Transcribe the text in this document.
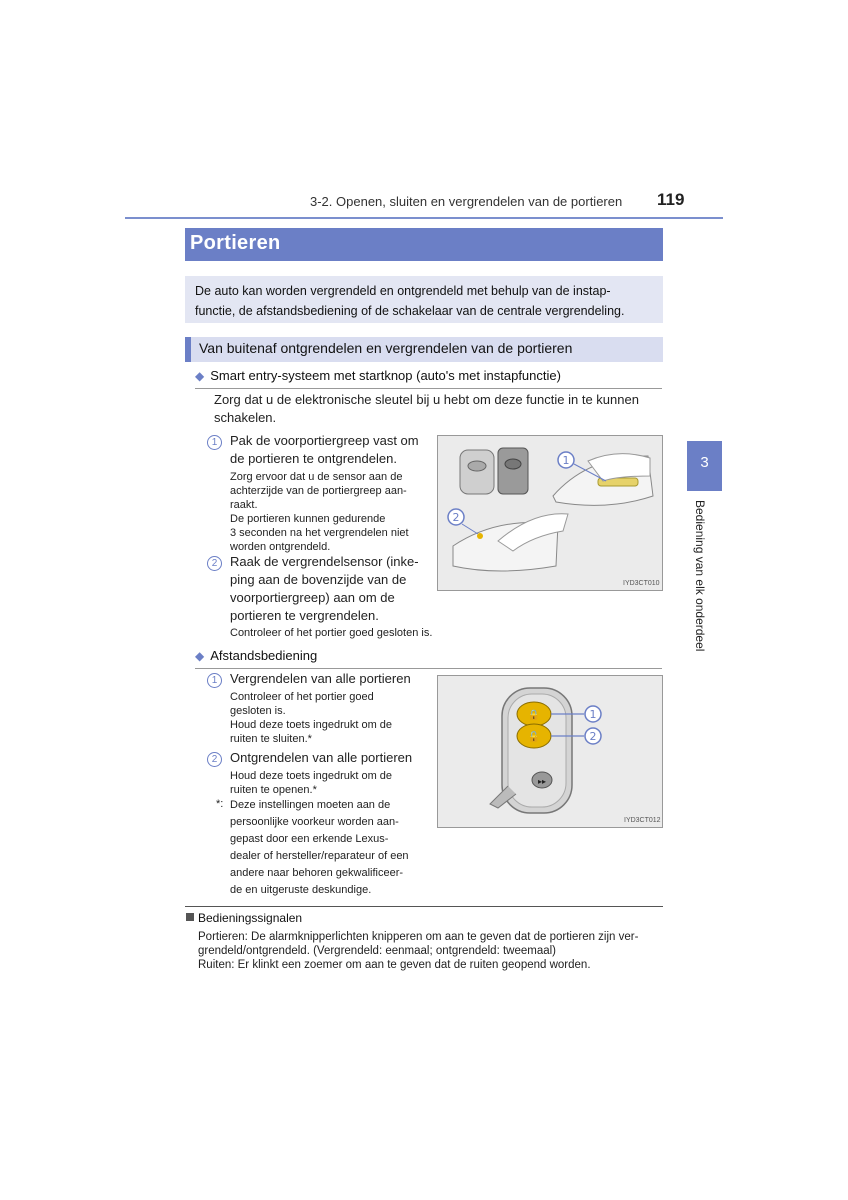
3-2. Openen, sluiten en vergrendelen van de portieren 119
3
Bediening van elk onderdeel
Portieren
De auto kan worden vergrendeld en ontgrendeld met behulp van de instap-
functie, de afstandsbediening of de schakelaar van de centrale vergrendeling.
Van buitenaf ontgrendelen en vergrendelen van de portieren
◆ Smart entry-systeem met startknop (auto's met instapfunctie)
Zorg dat u de elektronische sleutel bij u hebt om deze functie in te kunnen
schakelen.
1 Pak de voorportiergreep vast om
de portieren te ontgrendelen.
Zorg ervoor dat u de sensor aan de
achterzijde van de portiergreep aan-
raakt.
De portieren kunnen gedurende
3 seconden na het vergrendelen niet
worden ontgrendeld.
2 Raak de vergrendelsensor (inke-
ping aan de bovenzijde van de
voorportiergreep) aan om de
portieren te vergrendelen.
Controleer of het portier goed gesloten is.
1
2
IYD3CT010
◆ Afstandsbediening
1 Vergrendelen van alle portieren
Controleer of het portier goed
gesloten is.
Houd deze toets ingedrukt om de
ruiten te sluiten.*
2 Ontgrendelen van alle portieren
Houd deze toets ingedrukt om de
ruiten te openen.*
*: Deze instellingen moeten aan de
persoonlijke voorkeur worden aan-
gepast door een erkende Lexus-
dealer of hersteller/reparateur of een
andere naar behoren gekwalificeer-
de en uitgeruste deskundige.
🔒
🔓
▸▸
1
2
IYD3CT012
Bedieningssignalen
Portieren: De alarmknipperlichten knipperen om aan te geven dat de portieren zijn ver-
grendeld/ontgrendeld. (Vergrendeld: eenmaal; ontgrendeld: tweemaal)
Ruiten: Er klinkt een zoemer om aan te geven dat de ruiten geopend worden.
